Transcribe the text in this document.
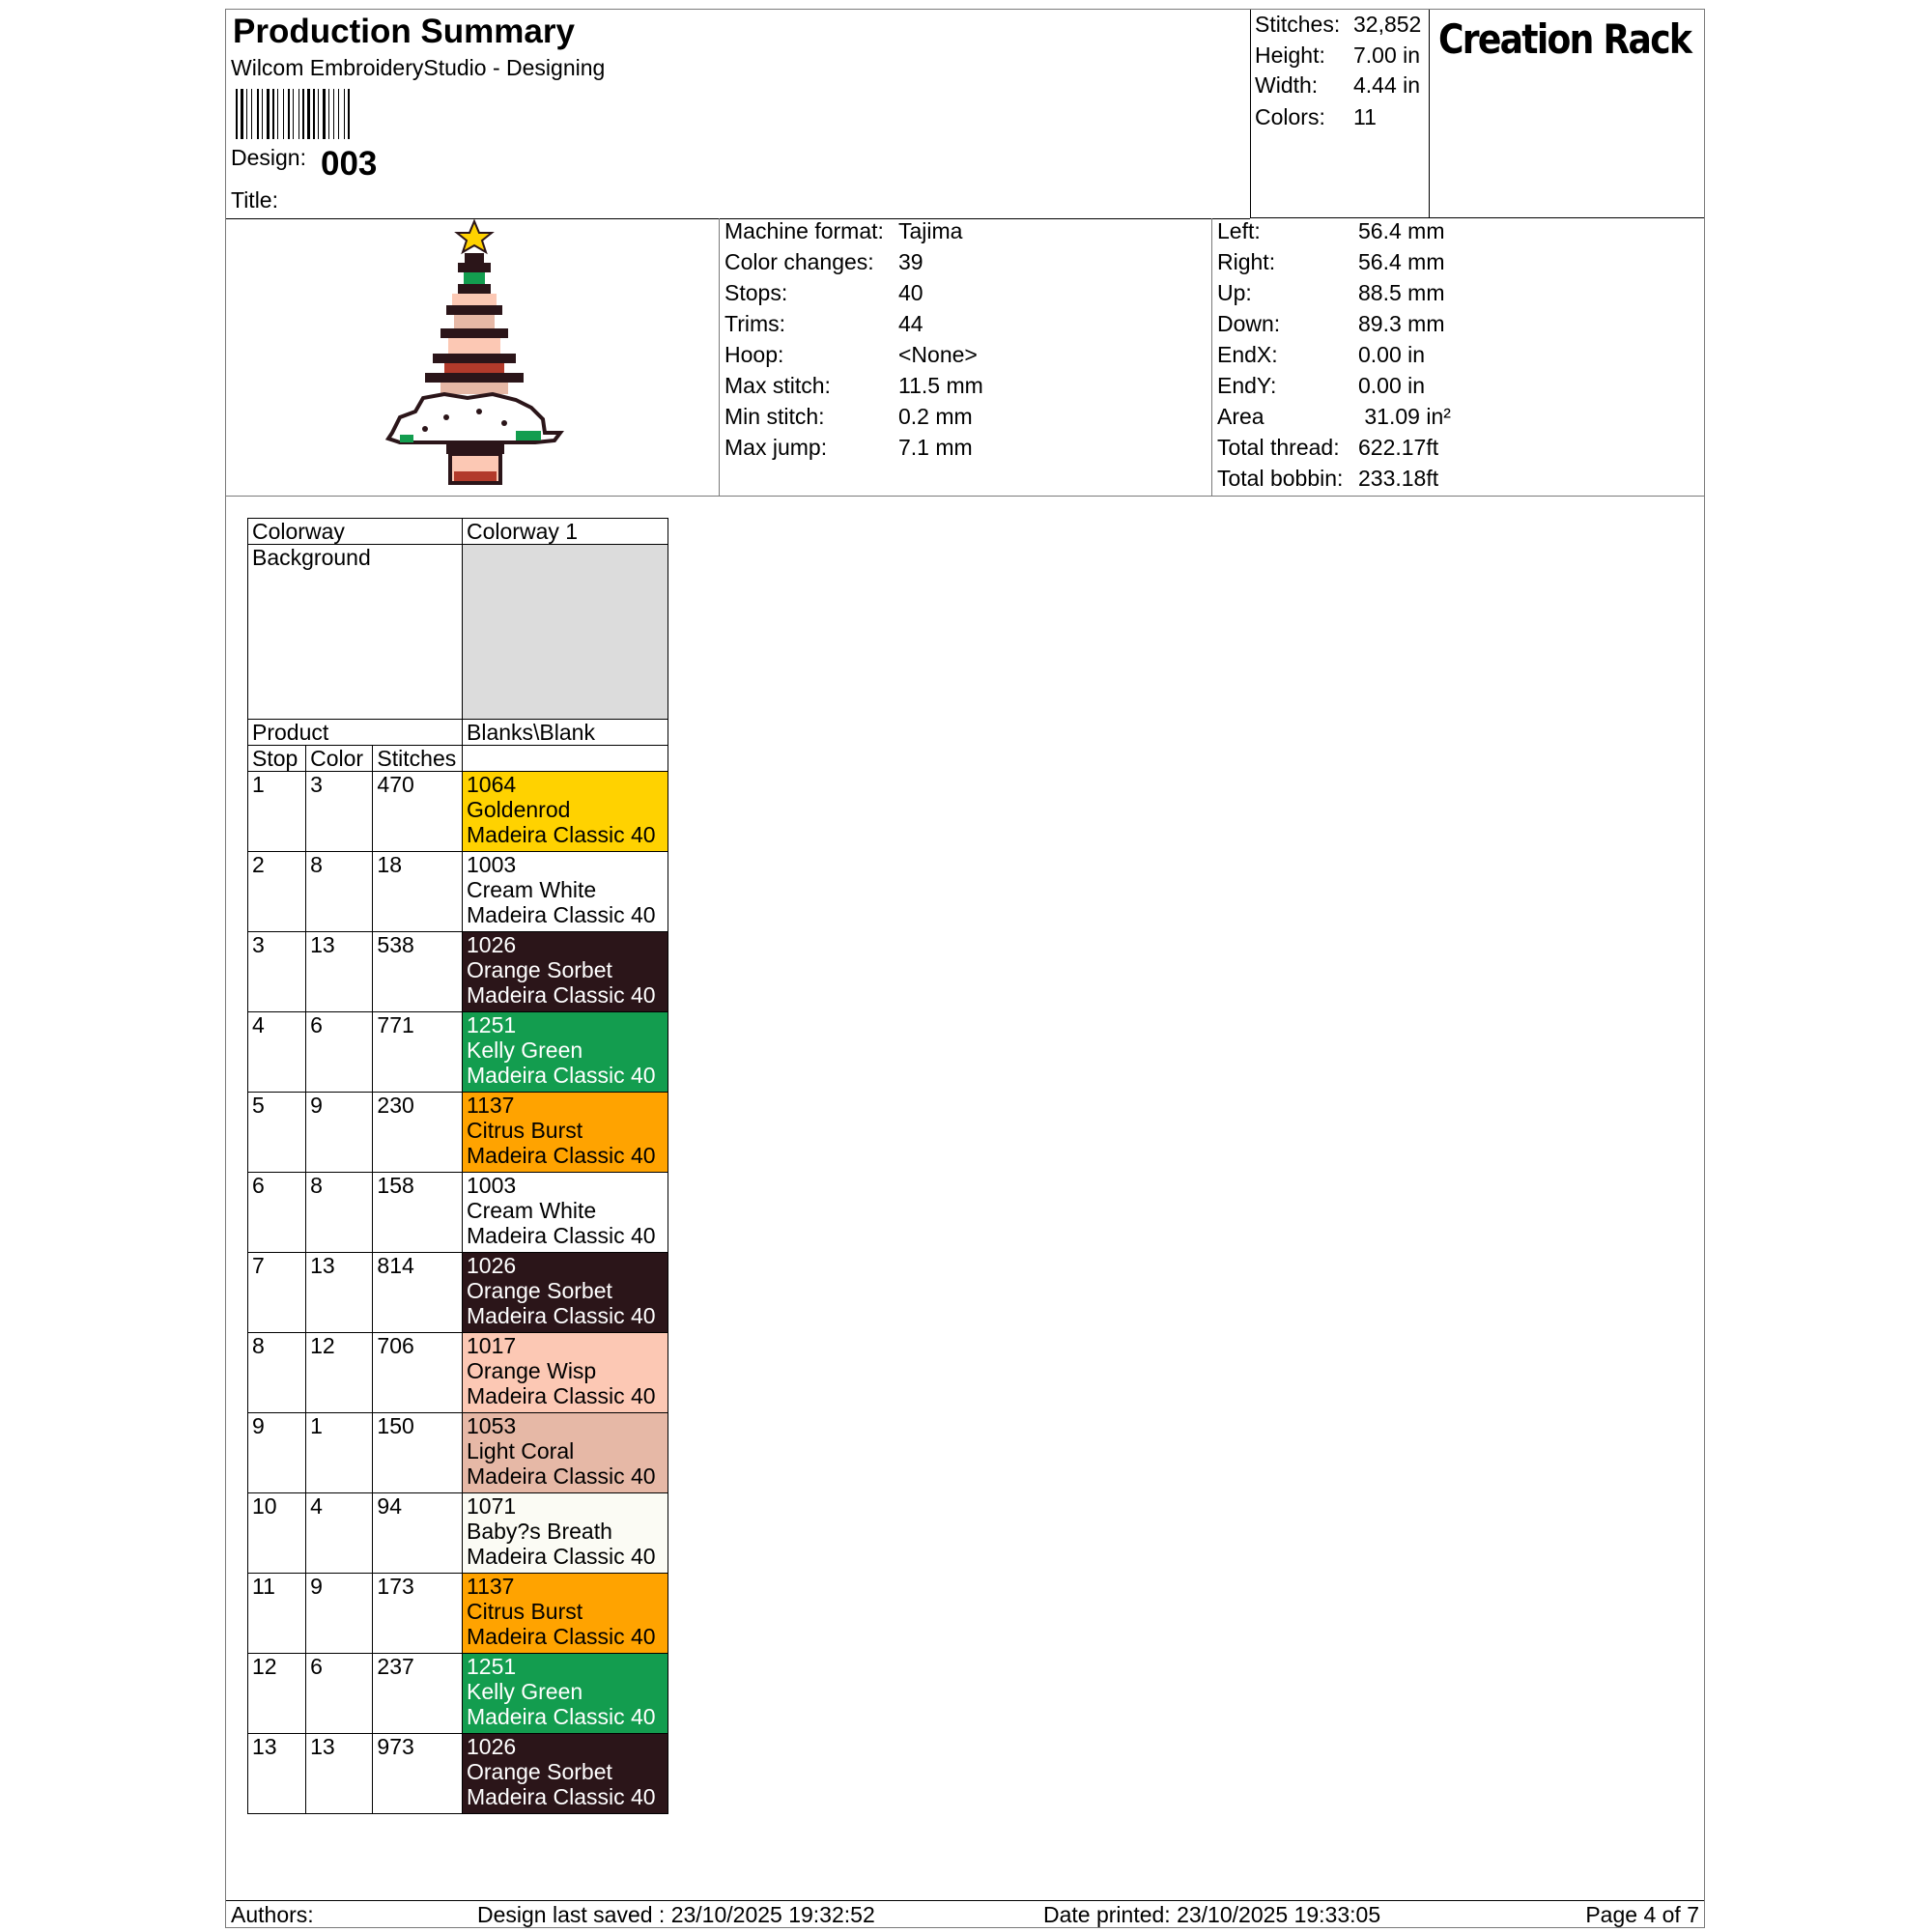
Production Summary
Wilcom EmbroideryStudio - Designing
Design: 003
Title:
Stitches: 32,852
Height: 7.00 in
Width: 4.44 in
Colors: 11
Creation Rack
Machine format: Tajima
Color changes: 39
Stops:	40
Trims:	44
Hoop:	<None>
Max stitch:	11.5 mm
Min stitch:	0.2 mm
Max jump:	7.1 mm
Left:	56.4 mm
Right:	56.4 mm
Up:	88.5 mm
Down:	89.3 mm
EndX:	0.00 in
EndY:	0.00 in
Area	31.09 in²
Total thread: 622.17ft
Total bobbin: 233.18ft
Colorway			Colorway 1
Background			
Product			Blanks\Blank
Stop	Color	Stitches	
1	3	470	1064
Goldenrod
Madeira Classic 40

2	8	18	1003
Cream White
Madeira Classic 40

3	13	538	1026
Orange Sorbet
Madeira Classic 40

4	6	771	1251
Kelly Green
Madeira Classic 40

5	9	230	1137
Citrus Burst
Madeira Classic 40

6	8	158	1003
Cream White
Madeira Classic 40

7	13	814	1026
Orange Sorbet
Madeira Classic 40

8	12	706	1017
Orange Wisp
Madeira Classic 40

9	1	150	1053
Light Coral
Madeira Classic 40

10	4	94	1071
Baby?s Breath
Madeira Classic 40

11	9	173	1137
Citrus Burst
Madeira Classic 40

12	6	237	1251
Kelly Green
Madeira Classic 40

13	13	973	1026
Orange Sorbet
Madeira Classic 40
Authors:	Design last saved : 23/10/2025 19:32:52	Date printed: 23/10/2025 19:33:05	Page 4 of 7
